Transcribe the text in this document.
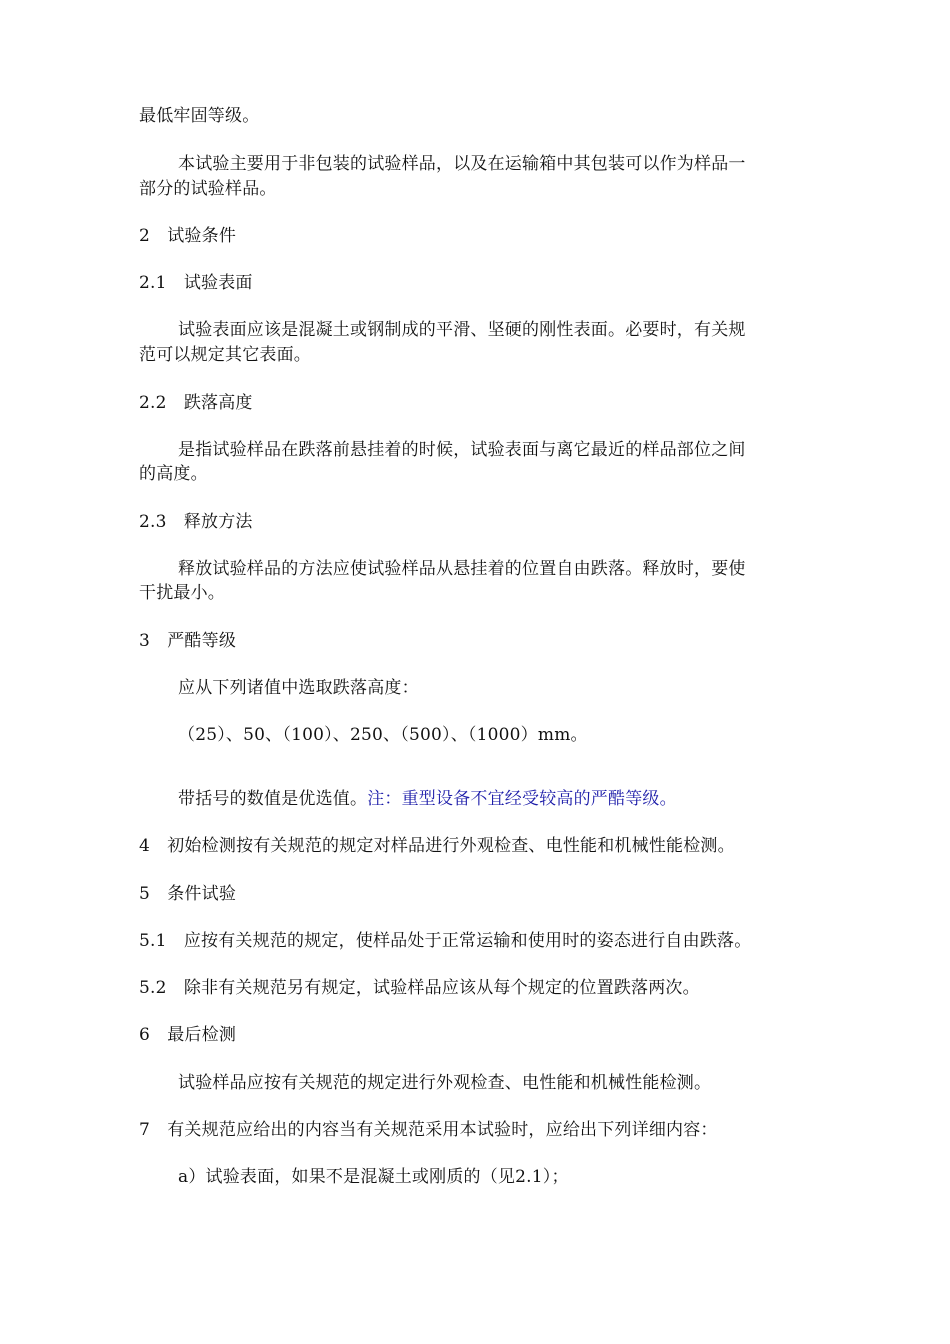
最低牢固等级。
本试验主要用于非包装的试验样品，以及在运输箱中其包装可以作为样品一
部分的试验样品。
2　试验条件
2.1　试验表面
试验表面应该是混凝土或钢制成的平滑、坚硬的刚性表面。必要时，有关规
范可以规定其它表面。
2.2　跌落高度
是指试验样品在跌落前悬挂着的时候，试验表面与离它最近的样品部位之间
的高度。
2.3　释放方法
释放试验样品的方法应使试验样品从悬挂着的位置自由跌落。释放时，要使
干扰最小。
3　严酷等级
应从下列诸值中选取跌落高度：
（25）、50、（100）、250、（500）、（1000）mm。
带括号的数值是优选值。注：重型设备不宜经受较高的严酷等级。
4　初始检测按有关规范的规定对样品进行外观检查、电性能和机械性能检测。
5　条件试验
5.1　应按有关规范的规定，使样品处于正常运输和使用时的姿态进行自由跌落。
5.2　除非有关规范另有规定，试验样品应该从每个规定的位置跌落两次。
6　最后检测
试验样品应按有关规范的规定进行外观检查、电性能和机械性能检测。
7　有关规范应给出的内容当有关规范采用本试验时，应给出下列详细内容：
a）试验表面，如果不是混凝土或刚质的（见2.1）；
